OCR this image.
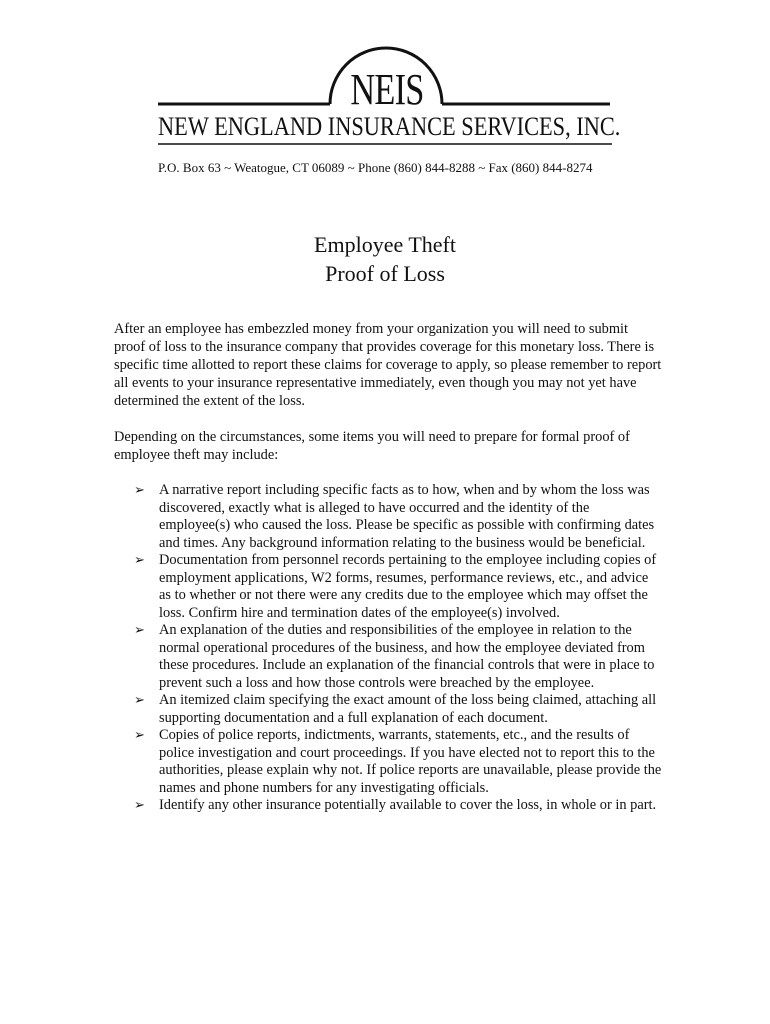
NEIS
NEW ENGLAND INSURANCE SERVICES, INC.
P.O. Box 63 ~ Weatogue, CT 06089 ~ Phone (860) 844-8288 ~ Fax (860) 844-8274
Employee Theft
Proof of Loss

After an employee has embezzled money from your organization you will need to submit proof of loss to the insurance company that provides coverage for this monetary loss. There is specific time allotted to report these claims for coverage to apply, so please remember to report all events to your insurance representative immediately, even though you may not yet have determined the extent of the loss.

Depending on the circumstances, some items you will need to prepare for formal proof of employee theft may include:

➢ A narrative report including specific facts as to how, when and by whom the loss was discovered, exactly what is alleged to have occurred and the identity of the employee(s) who caused the loss. Please be specific as possible with confirming dates and times. Any background information relating to the business would be beneficial.
➢ Documentation from personnel records pertaining to the employee including copies of employment applications, W2 forms, resumes, performance reviews, etc., and advice as to whether or not there were any credits due to the employee which may offset the loss. Confirm hire and termination dates of the employee(s) involved.
➢ An explanation of the duties and responsibilities of the employee in relation to the normal operational procedures of the business, and how the employee deviated from these procedures. Include an explanation of the financial controls that were in place to prevent such a loss and how those controls were breached by the employee.
➢ An itemized claim specifying the exact amount of the loss being claimed, attaching all supporting documentation and a full explanation of each document.
➢ Copies of police reports, indictments, warrants, statements, etc., and the results of police investigation and court proceedings. If you have elected not to report this to the authorities, please explain why not. If police reports are unavailable, please provide the names and phone numbers for any investigating officials.
➢ Identify any other insurance potentially available to cover the loss, in whole or in part.
